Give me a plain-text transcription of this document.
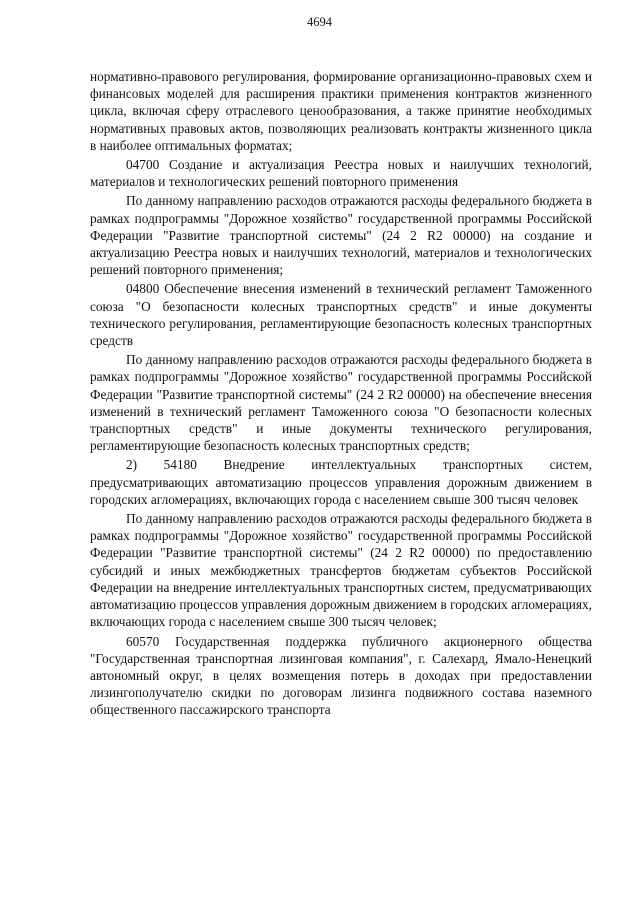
4694

нормативно-правового регулирования, формирование организационно-правовых схем и финансовых моделей для расширения практики применения контрактов жизненного цикла, включая сферу отраслевого ценообразования, а также принятие необходимых нормативных правовых актов, позволяющих реализовать контракты жизненного цикла в наиболее оптимальных форматах;

04700 Создание и актуализация Реестра новых и наилучших технологий, материалов и технологических решений повторного применения

По данному направлению расходов отражаются расходы федерального бюджета в рамках подпрограммы "Дорожное хозяйство" государственной программы Российской Федерации "Развитие транспортной системы" (24 2 R2 00000) на создание и актуализацию Реестра новых и наилучших технологий, материалов и технологических решений повторного применения;

04800 Обеспечение внесения изменений в технический регламент Таможенного союза "О безопасности колесных транспортных средств" и иные документы технического регулирования, регламентирующие безопасность колесных транспортных средств

По данному направлению расходов отражаются расходы федерального бюджета в рамках подпрограммы "Дорожное хозяйство" государственной программы Российской Федерации "Развитие транспортной системы" (24 2 R2 00000) на обеспечение внесения изменений в технический регламент Таможенного союза "О безопасности колесных транспортных средств" и иные документы технического регулирования, регламентирующие безопасность колесных транспортных средств;

2) 54180 Внедрение интеллектуальных транспортных систем, предусматривающих автоматизацию процессов управления дорожным движением в городских агломерациях, включающих города с населением свыше 300 тысяч человек

По данному направлению расходов отражаются расходы федерального бюджета в рамках подпрограммы "Дорожное хозяйство" государственной программы Российской Федерации "Развитие транспортной системы" (24 2 R2 00000) по предоставлению субсидий и иных межбюджетных трансфертов бюджетам субъектов Российской Федерации на внедрение интеллектуальных транспортных систем, предусматривающих автоматизацию процессов управления дорожным движением в городских агломерациях, включающих города с населением свыше 300 тысяч человек;

60570 Государственная поддержка публичного акционерного общества "Государственная транспортная лизинговая компания", г. Салехард, Ямало-Ненецкий автономный округ, в целях возмещения потерь в доходах при предоставлении лизингополучателю скидки по договорам лизинга подвижного состава наземного общественного пассажирского транспорта
